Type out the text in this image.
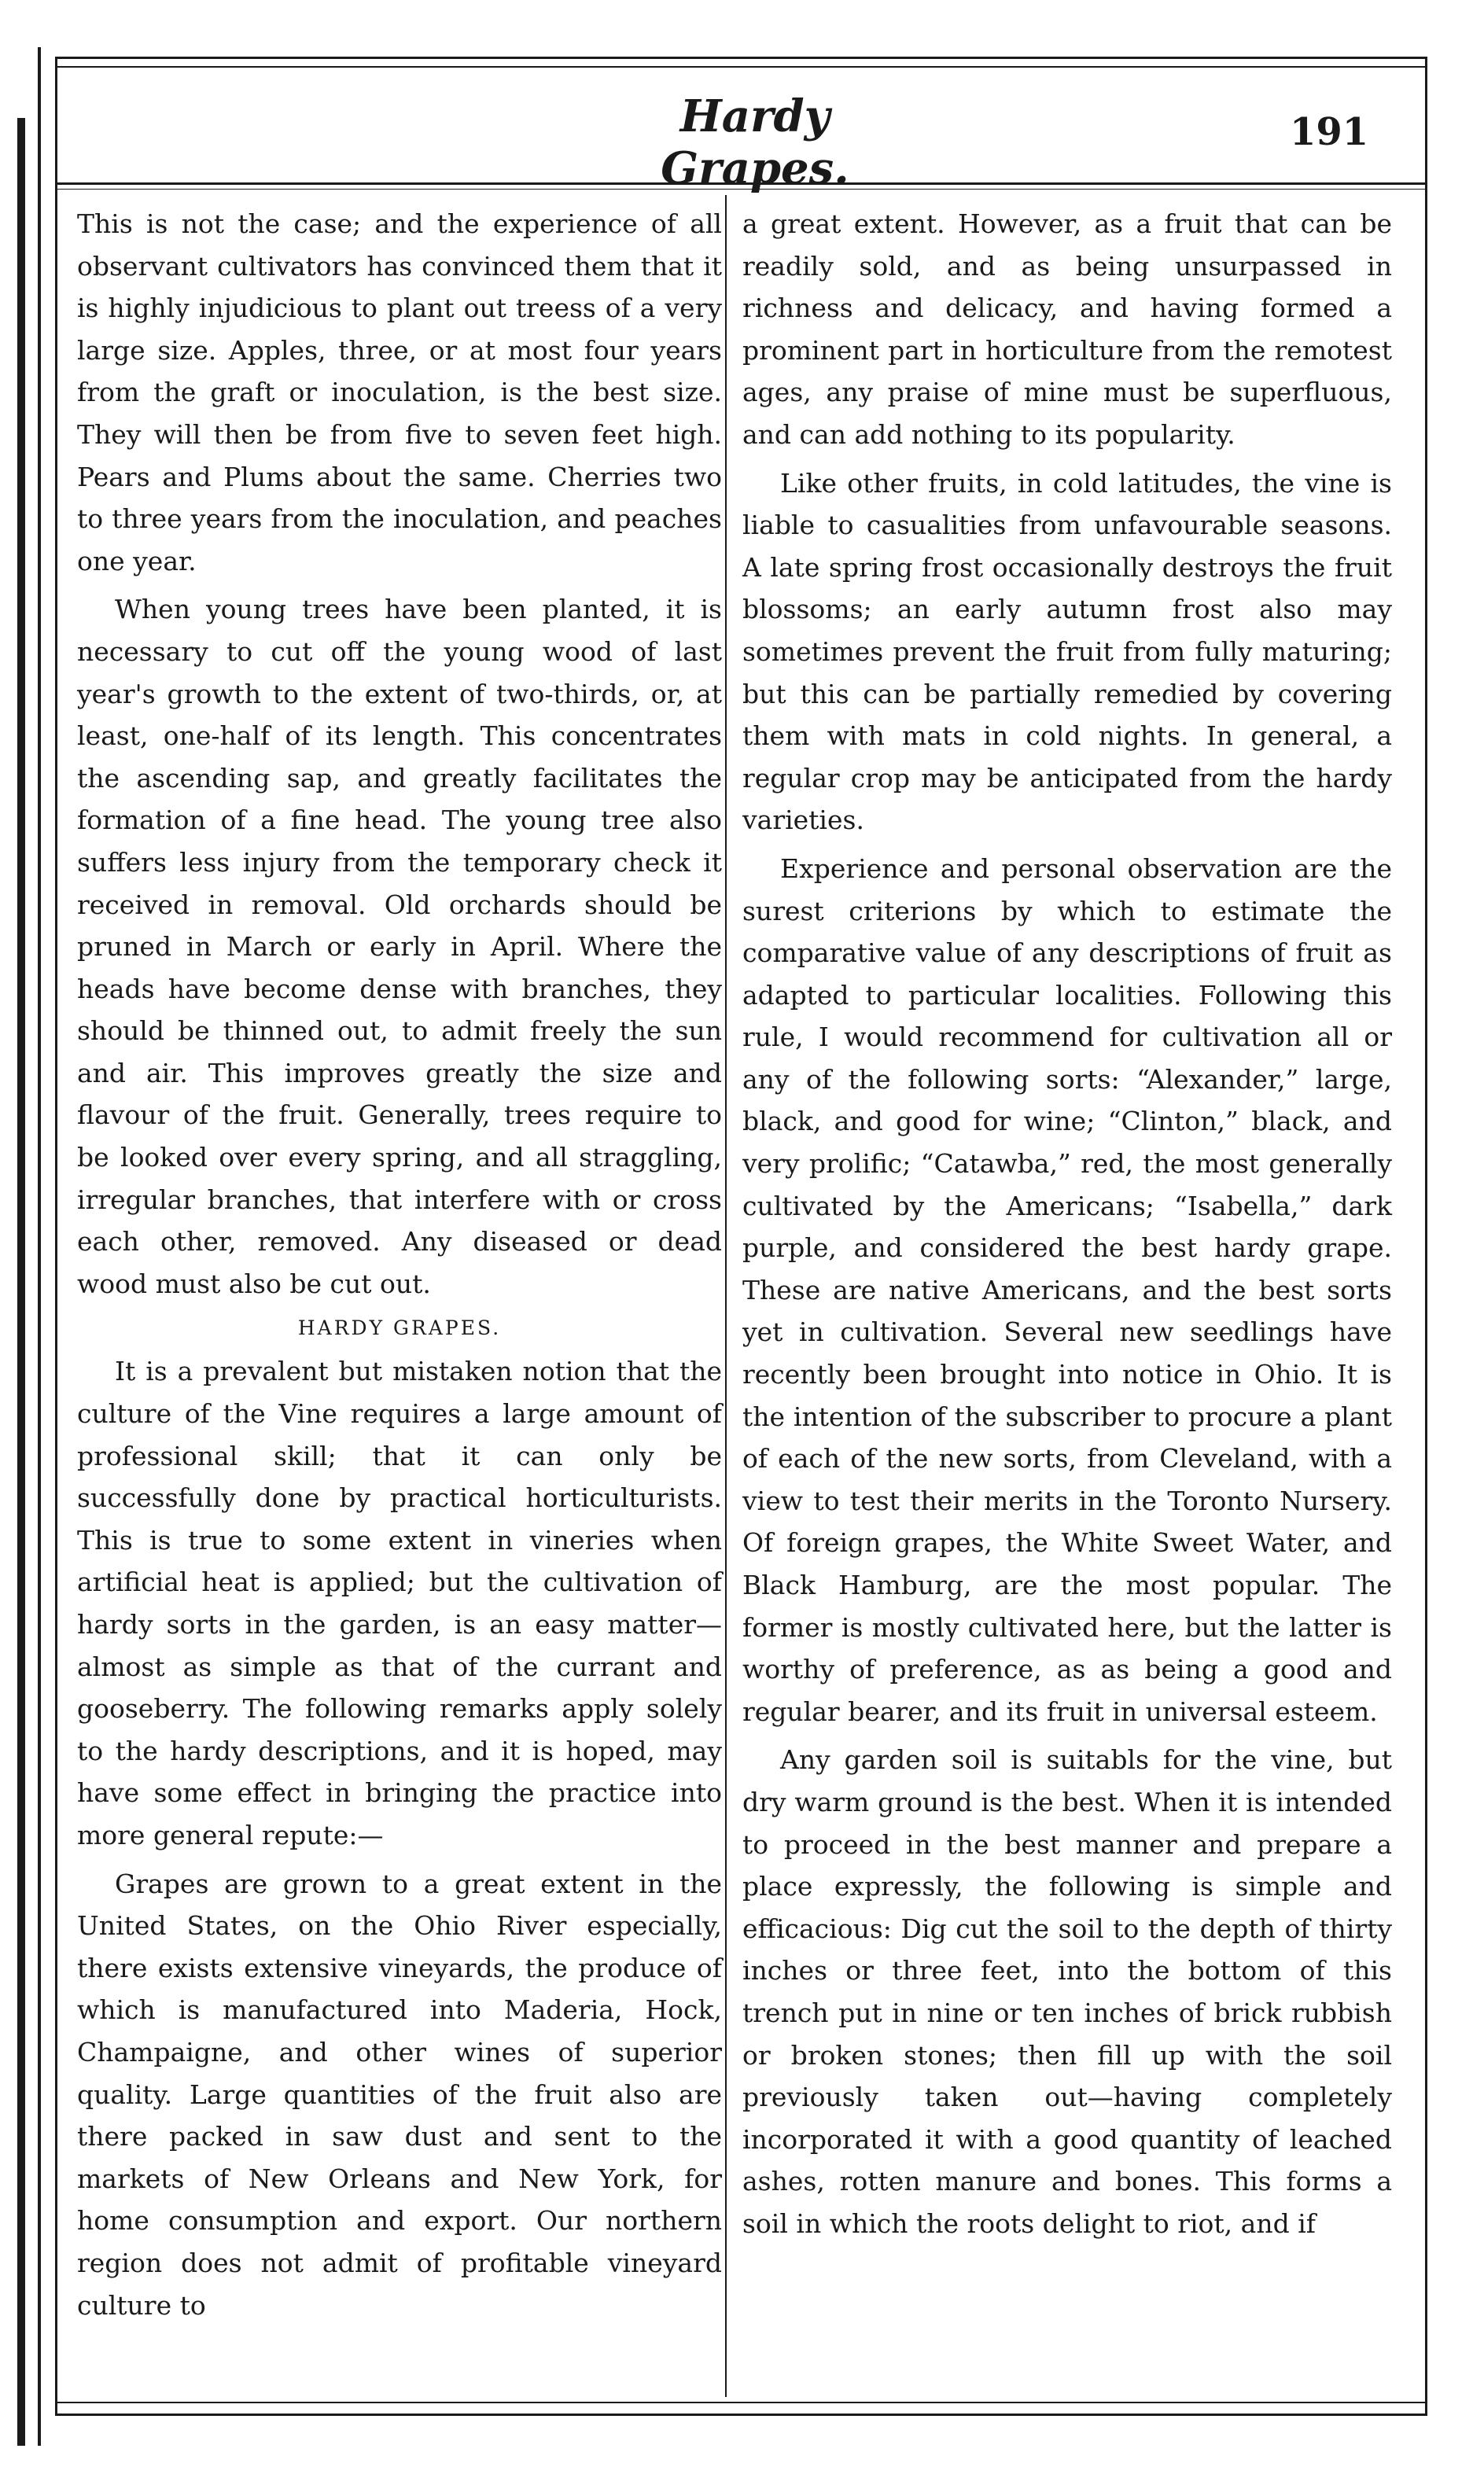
Hardy Grapes.
191

This is not the case; and the experience of all observant cultivators has convinced them that it is highly injudicious to plant out treess of a very large size. Apples, three, or at most four years from the graft or inoculation, is the best size. They will then be from five to seven feet high. Pears and Plums about the same. Cherries two to three years from the inoculation, and peaches one year.

When young trees have been planted, it is necessary to cut off the young wood of last year's growth to the extent of two-thirds, or, at least, one-half of its length. This concentrates the ascending sap, and greatly facilitates the formation of a fine head. The young tree also suffers less injury from the temporary check it received in removal. Old orchards should be pruned in March or early in April. Where the heads have become dense with branches, they should be thinned out, to admit freely the sun and air. This improves greatly the size and flavour of the fruit. Generally, trees require to be looked over every spring, and all straggling, irregular branches, that interfere with or cross each other, removed. Any diseased or dead wood must also be cut out.

HARDY GRAPES.

It is a prevalent but mistaken notion that the culture of the Vine requires a large amount of professional skill; that it can only be successfully done by practical horticulturists. This is true to some extent in vineries when artificial heat is applied; but the cultivation of hardy sorts in the garden, is an easy matter—almost as simple as that of the currant and gooseberry. The following remarks apply solely to the hardy descriptions, and it is hoped, may have some effect in bringing the practice into more general repute:—

Grapes are grown to a great extent in the United States, on the Ohio River especially, there exists extensive vineyards, the produce of which is manufactured into Maderia, Hock, Champaigne, and other wines of superior quality. Large quantities of the fruit also are there packed in saw dust and sent to the markets of New Orleans and New York, for home consumption and export. Our northern region does not admit of profitable vineyard culture to

a great extent. However, as a fruit that can be readily sold, and as being unsurpassed in richness and delicacy, and having formed a prominent part in horticulture from the remotest ages, any praise of mine must be superfluous, and can add nothing to its popularity.

Like other fruits, in cold latitudes, the vine is liable to casualities from unfavourable seasons. A late spring frost occasionally destroys the fruit blossoms; an early autumn frost also may sometimes prevent the fruit from fully maturing; but this can be partially remedied by covering them with mats in cold nights. In general, a regular crop may be anticipated from the hardy varieties.

Experience and personal observation are the surest criterions by which to estimate the comparative value of any descriptions of fruit as adapted to particular localities. Following this rule, I would recommend for cultivation all or any of the following sorts: “Alexander,” large, black, and good for wine; “Clinton,” black, and very prolific; “Catawba,” red, the most generally cultivated by the Americans; “Isabella,” dark purple, and considered the best hardy grape. These are native Americans, and the best sorts yet in cultivation. Several new seedlings have recently been brought into notice in Ohio. It is the intention of the subscriber to procure a plant of each of the new sorts, from Cleveland, with a view to test their merits in the Toronto Nursery. Of foreign grapes, the White Sweet Water, and Black Hamburg, are the most popular. The former is mostly cultivated here, but the latter is worthy of preference, as as being a good and regular bearer, and its fruit in universal esteem.

Any garden soil is suitabls for the vine, but dry warm ground is the best. When it is intended to proceed in the best manner and prepare a place expressly, the following is simple and efficacious: Dig cut the soil to the depth of thirty inches or three feet, into the bottom of this trench put in nine or ten inches of brick rubbish or broken stones; then fill up with the soil previously taken out—having completely incorporated it with a good quantity of leached ashes, rotten manure and bones. This forms a soil in which the roots delight to riot, and if
